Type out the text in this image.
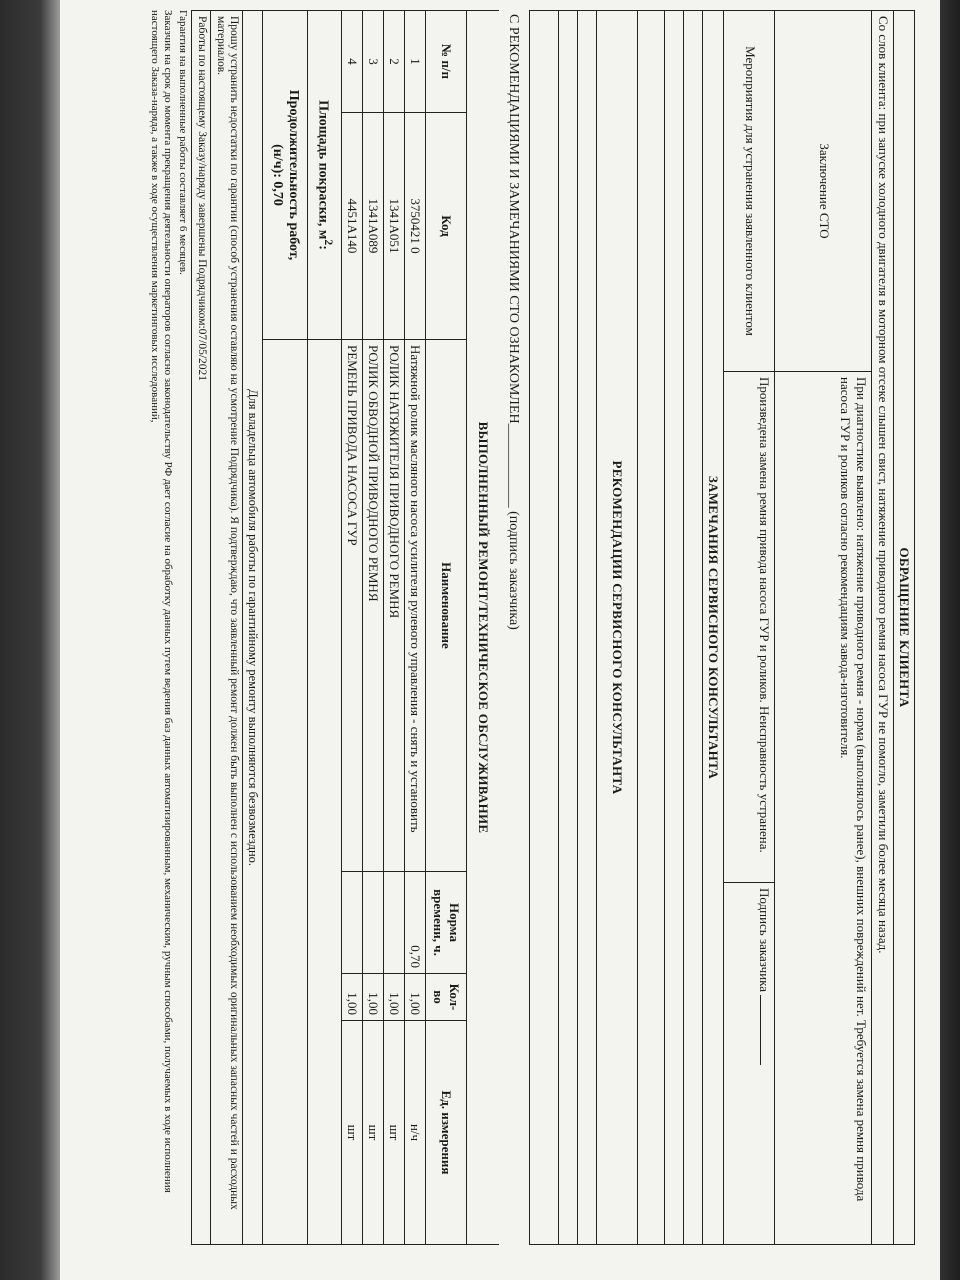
ОБРАЩЕНИЕ КЛИЕНТА		
Со слов клиента: при запуске холодного двигателя в моторном отсеке слышен свист, натяжение приводного ремня насоса ГУР не помогло, заметили более месяца назад.		
Заключение СТО	При диагностике выявлено: натяжение приводного ремня - норма (выполнялось ранее), внешних повреждений нет. Требуется замена ремня привода насоса ГУР и роликов согласно рекомендациям завода-изготовителя.	
Мероприятия для устранения заявленного клиентом	Произведена замена ремня привода насоса ГУР и роликов. Неисправность устранена.	Подпись заказчика
ЗАМЕЧАНИЯ СЕРВИСНОГО КОНСУЛЬТАНТА		

РЕКОМЕНДАЦИИ СЕРВИСНОГО КОНСУЛЬТАНТА		

С РЕКОМЕНДАЦИЯМИ И ЗАМЕЧАНИЯМИ СТО ОЗНАКОМЛЕН____________ (подпись заказчика)
ВЫПОЛНЕННЫЙ РЕМОНТ/ТЕХНИЧЕСКОЕ ОБСЛУЖИВАНИЕ					
№ п/п	Код	Наименование	Норма времени, ч.	Кол-во	Ед. измерения
1	3750421 0	Натяжной ролик масляного насоса усилителя рулевого управления - снять и установить	0,70	1,00	н/ч
2	1341A051	РОЛИК НАТЯЖИТЕЛЯ ПРИВОДНОГО РЕМНЯ		1,00	шт
3	1341A089	РОЛИК ОБВОДНОЙ ПРИВОДНОГО РЕМНЯ		1,00	шт
4	4451A140	РЕМЕНЬ ПРИВОДА НАСОСА ГУР		1,00	шт
Площадь покраски, $м^2$:					

Продолжительность работ,
(н/ч): 0,70					

Для владельца автомобиля работы по гарантийному ремонту выполняются безвозмездно.
Прошу устранить недостатки по гарантии (способ устранения оставляю на усмотрение Подрядчика). Я подтверждаю, что заявленный ремонт должен быть выполнен с использованием необходимых оригинальных запасных частей и расходных материалов.
Работы по настоящему Заказу/наряду завершены Подрядчиком:07/05/2021
Гарантия на выполненные работы составляет 6 месяцев.
Заказчик на срок до момента прекращения деятельности операторов согласно законодательству РФ дает согласие на обработку данных путем ведения баз данных автоматизированным, механическим, ручным способами, получаемых в ходе исполнения настоящего Заказа-наряда, а также в ходе осуществления маркетинговых исследований,
